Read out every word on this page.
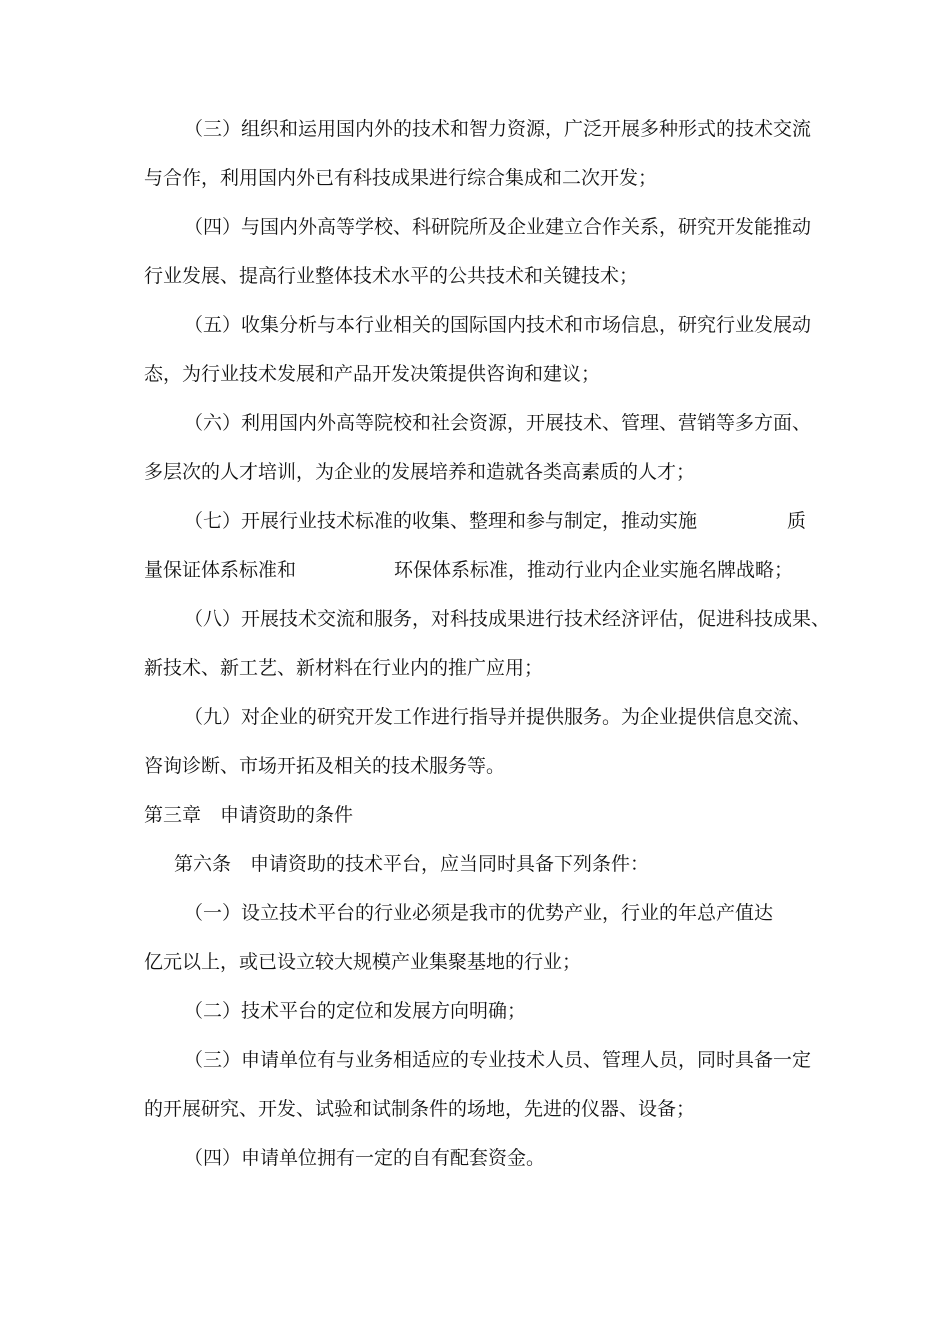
（三）组织和运用国内外的技术和智力资源，广泛开展多种形式的技术交流
与合作，利用国内外已有科技成果进行综合集成和二次开发；
（四）与国内外高等学校、科研院所及企业建立合作关系，研究开发能推动
行业发展、提高行业整体技术水平的公共技术和关键技术；
（五）收集分析与本行业相关的国际国内技术和市场信息，研究行业发展动
态，为行业技术发展和产品开发决策提供咨询和建议；
（六）利用国内外高等院校和社会资源，开展技术、管理、营销等多方面、
多层次的人才培训，为企业的发展培养和造就各类高素质的人才；
（七）开展行业技术标准的收集、整理和参与制定，推动实施	质
量保证体系标准和	环保体系标准，推动行业内企业实施名牌战略；
（八）开展技术交流和服务，对科技成果进行技术经济评估，促进科技成果、
新技术、新工艺、新材料在行业内的推广应用；
（九）对企业的研究开发工作进行指导并提供服务。为企业提供信息交流、
咨询诊断、市场开拓及相关的技术服务等。
第三章　申请资助的条件
第六条　申请资助的技术平台，应当同时具备下列条件：
（一）设立技术平台的行业必须是我市的优势产业，行业的年总产值达
亿元以上，或已设立较大规模产业集聚基地的行业；
（二）技术平台的定位和发展方向明确；
（三）申请单位有与业务相适应的专业技术人员、管理人员，同时具备一定
的开展研究、开发、试验和试制条件的场地，先进的仪器、设备；
（四）申请单位拥有一定的自有配套资金。
